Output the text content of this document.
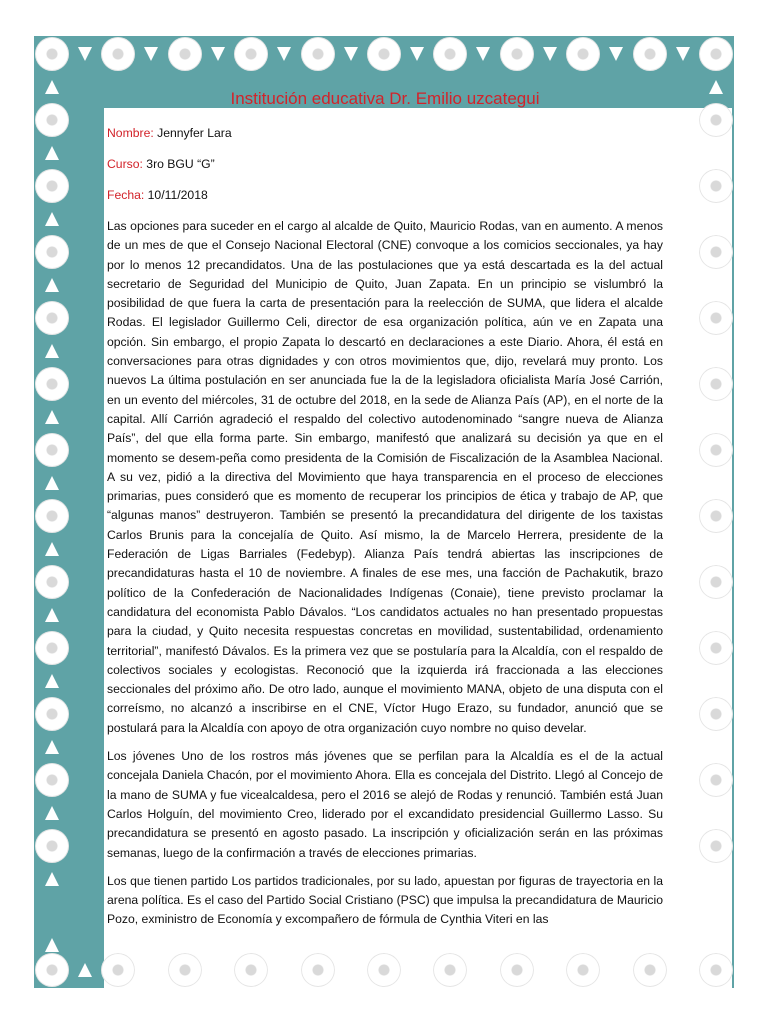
Institución educativa Dr. Emilio uzcategui
Nombre: Jennyfer Lara
Curso: 3ro BGU “G”
Fecha: 10/11/2018

Las opciones para suceder en el cargo al alcalde de Quito, Mauricio Rodas, van en aumento. A menos de un mes de que el Consejo Nacional Electoral (CNE) convoque a los comicios seccionales, ya hay por lo menos 12 precandidatos. Una de las postulaciones que ya está descartada es la del actual secretario de Seguridad del Municipio de Quito, Juan Zapata. En un principio se vislumbró la posibilidad de que fuera la carta de presentación para la reelección de SUMA, que lidera el alcalde Rodas. El legislador Guillermo Celi, director de esa organización política, aún ve en Zapata una opción. Sin embargo, el propio Zapata lo descartó en declaraciones a este Diario. Ahora, él está en conversaciones para otras dignidades y con otros movimientos que, dijo, revelará muy pronto. Los nuevos La última postulación en ser anunciada fue la de la legisladora oficialista María José Carrión, en un evento del miércoles, 31 de octubre del 2018, en la sede de Alianza País (AP), en el norte de la capital. Allí Carrión agradeció el respaldo del colectivo autodenominado “sangre nueva de Alianza País”, del que ella forma parte. Sin embargo, manifestó que analizará su decisión ya que en el momento se desem-peña como presidenta de la Comisión de Fiscalización de la Asamblea Nacional. A su vez, pidió a la directiva del Movimiento que haya transparencia en el proceso de elecciones primarias, pues consideró que es momento de recuperar los principios de ética y trabajo de AP, que “algunas manos” destruyeron. También se presentó la precandidatura del dirigente de los taxistas Carlos Brunis para la concejalía de Quito. Así mismo, la de Marcelo Herrera, presidente de la Federación de Ligas Barriales (Fedebyp). Alianza País tendrá abiertas las inscripciones de precandidaturas hasta el 10 de noviembre. A finales de ese mes, una facción de Pachakutik, brazo político de la Confederación de Nacionalidades Indígenas (Conaie), tiene previsto proclamar la candidatura del economista Pablo Dávalos. “Los candidatos actuales no han presentado propuestas para la ciudad, y Quito necesita respuestas concretas en movilidad, sustentabilidad, ordenamiento territorial”, manifestó Dávalos. Es la primera vez que se postularía para la Alcaldía, con el respaldo de colectivos sociales y ecologistas. Reconoció que la izquierda irá fraccionada a las elecciones seccionales del próximo año. De otro lado, aunque el movimiento MANA, objeto de una disputa con el correísmo, no alcanzó a inscribirse en el CNE, Víctor Hugo Erazo, su fundador, anunció que se postulará para la Alcaldía con apoyo de otra organización cuyo nombre no quiso develar.

Los jóvenes Uno de los rostros más jóvenes que se perfilan para la Alcaldía es el de la actual concejala Daniela Chacón, por el movimiento Ahora. Ella es concejala del Distrito. Llegó al Concejo de la mano de SUMA y fue vicealcaldesa, pero el 2016 se alejó de Rodas y renunció. También está Juan Carlos Holguín, del movimiento Creo, liderado por el excandidato presidencial Guillermo Lasso. Su precandidatura se presentó en agosto pasado. La inscripción y oficialización serán en las próximas semanas, luego de la confirmación a través de elecciones primarias.

Los que tienen partido Los partidos tradicionales, por su lado, apuestan por figuras de trayectoria en la arena política. Es el caso del Partido Social Cristiano (PSC) que impulsa la precandidatura de Mauricio Pozo, exministro de Economía y excompañero de fórmula de Cynthia Viteri en las
